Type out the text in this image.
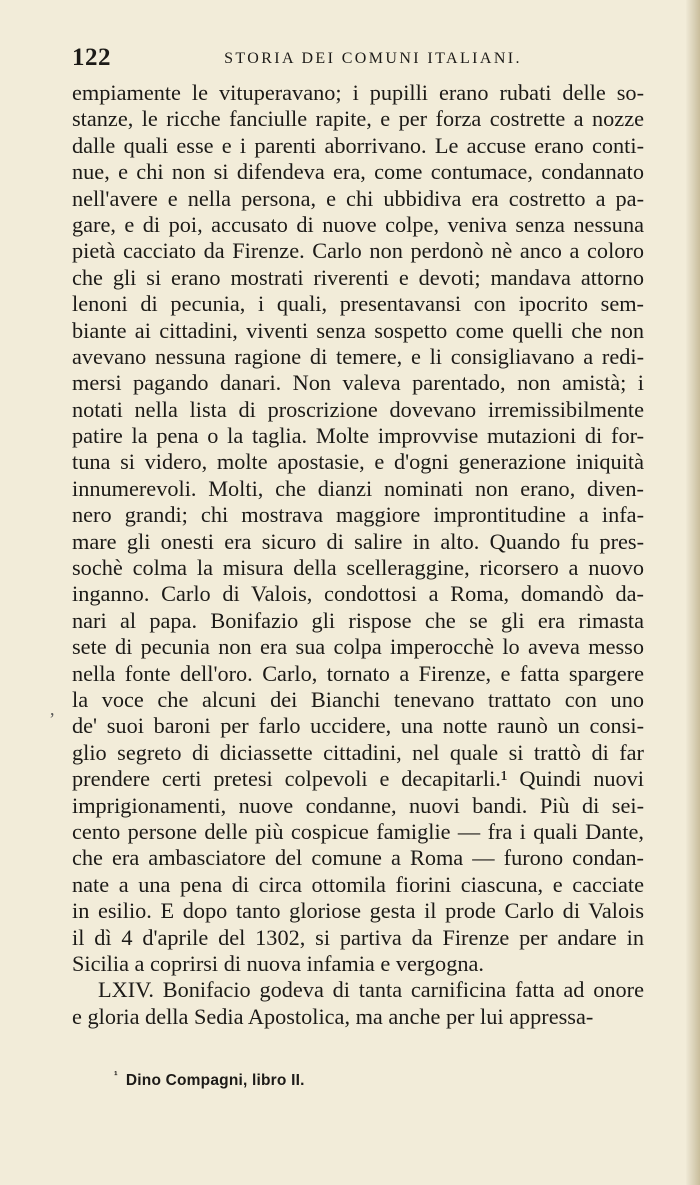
122	STORIA DEI COMUNI ITALIANI.
,
empiamente le vituperavano; i pupilli erano rubati delle so-
stanze, le ricche fanciulle rapite, e per forza costrette a nozze
dalle quali esse e i parenti aborrivano. Le accuse erano conti-
nue, e chi non si difendeva era, come contumace, condannato
nell'avere e nella persona, e chi ubbidiva era costretto a pa-
gare, e di poi, accusato di nuove colpe, veniva senza nessuna
pietà cacciato da Firenze. Carlo non perdonò nè anco a coloro
che gli si erano mostrati riverenti e devoti; mandava attorno
lenoni di pecunia, i quali, presentavansi con ipocrito sem-
biante ai cittadini, viventi senza sospetto come quelli che non
avevano nessuna ragione di temere, e li consigliavano a redi-
mersi pagando danari. Non valeva parentado, non amistà; i
notati nella lista di proscrizione dovevano irremissibilmente
patire la pena o la taglia. Molte improvvise mutazioni di for-
tuna si videro, molte apostasie, e d'ogni generazione iniquità
innumerevoli. Molti, che dianzi nominati non erano, diven-
nero grandi; chi mostrava maggiore improntitudine a infa-
mare gli onesti era sicuro di salire in alto. Quando fu pres-
sochè colma la misura della scelleraggine, ricorsero a nuovo
inganno. Carlo di Valois, condottosi a Roma, domandò da-
nari al papa. Bonifazio gli rispose che se gli era rimasta
sete di pecunia non era sua colpa imperocchè lo aveva messo
nella fonte dell'oro. Carlo, tornato a Firenze, e fatta spargere
la voce che alcuni dei Bianchi tenevano trattato con uno
de' suoi baroni per farlo uccidere, una notte raunò un consi-
glio segreto di diciassette cittadini, nel quale si trattò di far
prendere certi pretesi colpevoli e decapitarli.¹ Quindi nuovi
imprigionamenti, nuove condanne, nuovi bandi. Più di sei-
cento persone delle più cospicue famiglie — fra i quali Dante,
che era ambasciatore del comune a Roma — furono condan-
nate a una pena di circa ottomila fiorini ciascuna, e cacciate
in esilio. E dopo tanto gloriose gesta il prode Carlo di Valois
il dì 4 d'aprile del 1302, si partiva da Firenze per andare in
Sicilia a coprirsi di nuova infamia e vergogna.
LXIV. Bonifacio godeva di tanta carnificina fatta ad onore
e gloria della Sedia Apostolica, ma anche per lui appressa-
$^{^1}$ Dino Compagni, libro II.
